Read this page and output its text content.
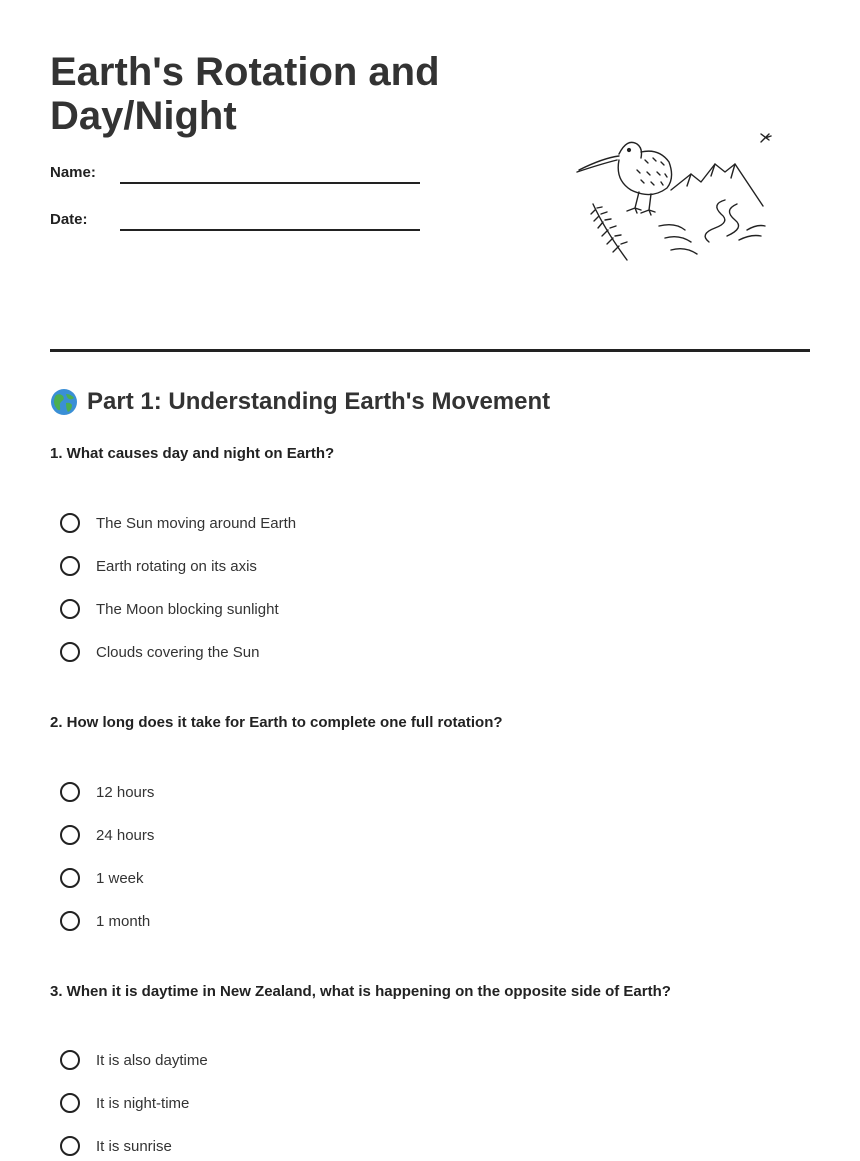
Earth's Rotation and Day/Night
Name:
Date:
Part 1: Understanding Earth's Movement

1. What causes day and night on Earth?

The Sun moving around Earth
Earth rotating on its axis
The Moon blocking sunlight
Clouds covering the Sun

2. How long does it take for Earth to complete one full rotation?

12 hours
24 hours
1 week
1 month

3. When it is daytime in New Zealand, what is happening on the opposite side of Earth?

It is also daytime
It is night-time
It is sunrise
